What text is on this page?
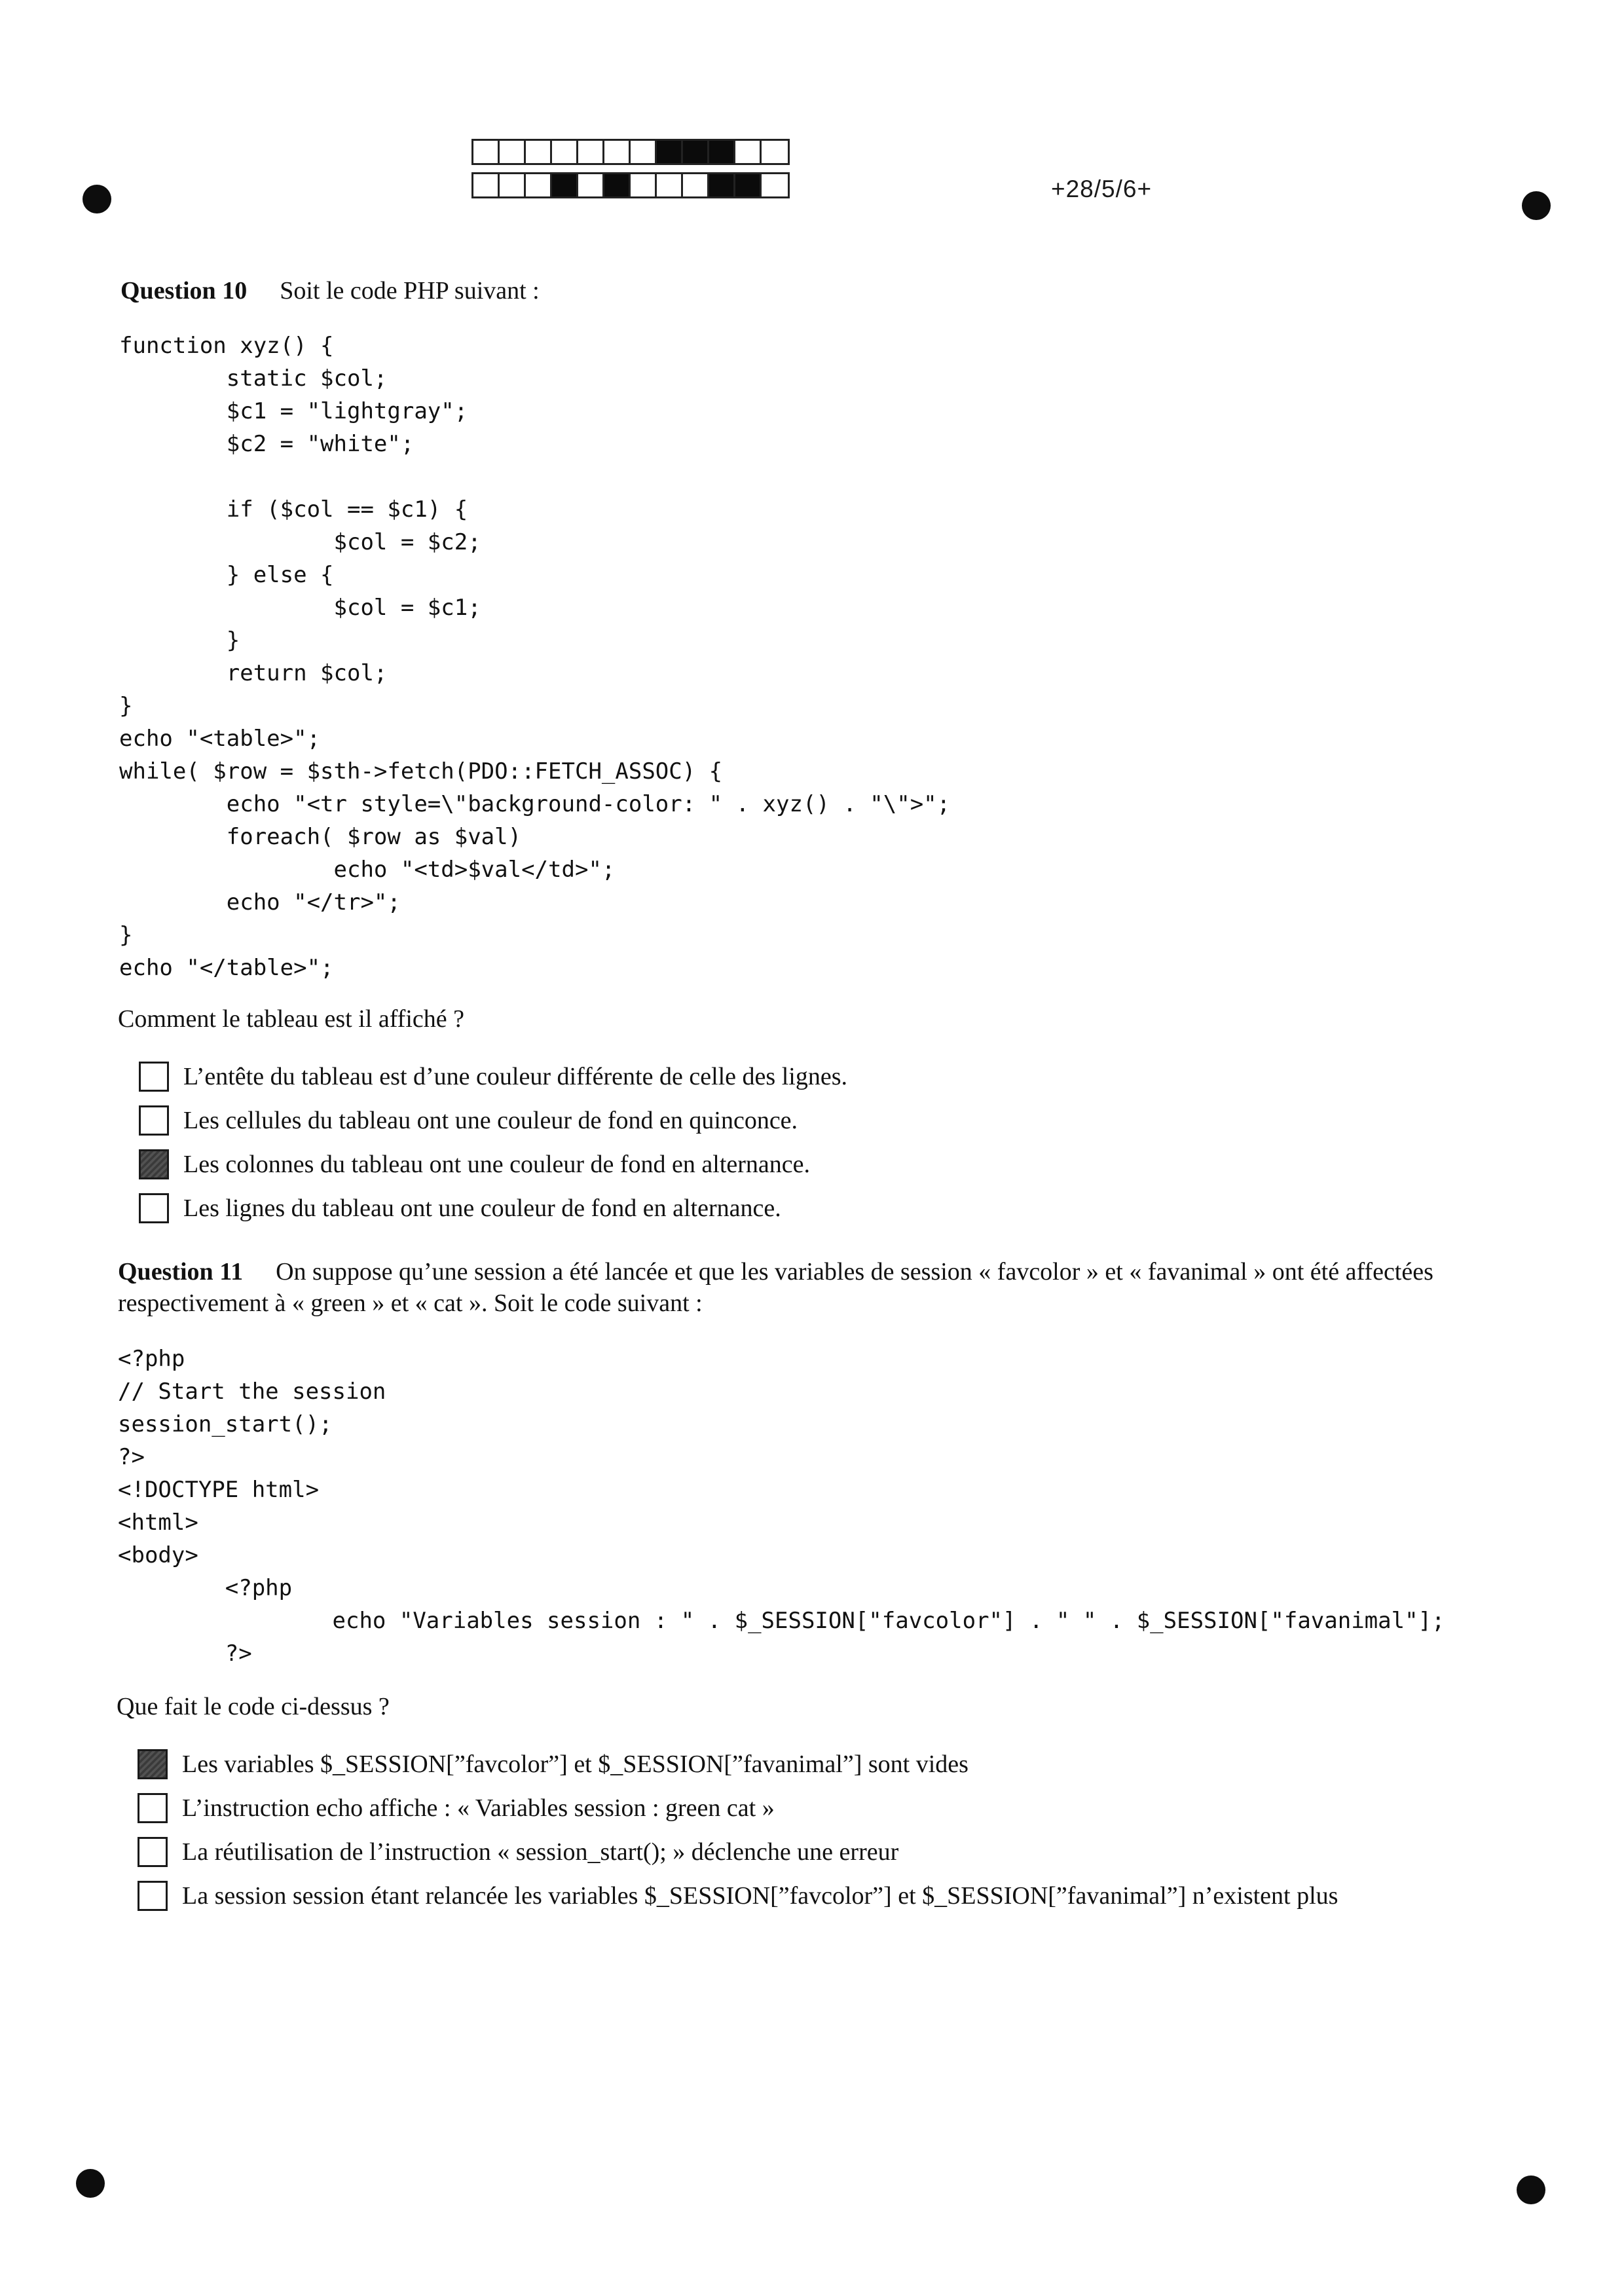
+28/5/6+
Question 10 Soit le code PHP suivant :
function xyz() {
static $col;
$c1 = "lightgray";
$c2 = "white";

if ($col == $c1) {
$col = $c2;
} else {
$col = $c1;
}
return $col;
}
echo "<table>";
while( $row = $sth->fetch(PDO::FETCH_ASSOC) {
echo "<tr style=\"background-color: " . xyz() . "\">";
foreach( $row as $val)
echo "<td>$val</td>";
echo "</tr>";
}
echo "</table>";
Comment le tableau est il affiché ?
L’entête du tableau est d’une couleur différente de celle des lignes.
Les cellules du tableau ont une couleur de fond en quinconce.
Les colonnes du tableau ont une couleur de fond en alternance.
Les lignes du tableau ont une couleur de fond en alternance.
Question 11 On suppose qu’une session a été lancée et que les variables de session « favcolor » et « favanimal » ont été affectées respectivement à « green » et « cat ». Soit le code suivant :
<?php
// Start the session
session_start();
?>
<!DOCTYPE html>
<html>
<body>
<?php
echo "Variables session : " . $_SESSION["favcolor"] . " " . $_SESSION["favanimal"];
?>
Que fait le code ci-dessus ?
Les variables $_SESSION[”favcolor”] et $_SESSION[”favanimal”] sont vides
L’instruction echo affiche : « Variables session : green cat »
La réutilisation de l’instruction « session_start(); » déclenche une erreur
La session session étant relancée les variables $_SESSION[”favcolor”] et $_SESSION[”favanimal”] n’existent plus
